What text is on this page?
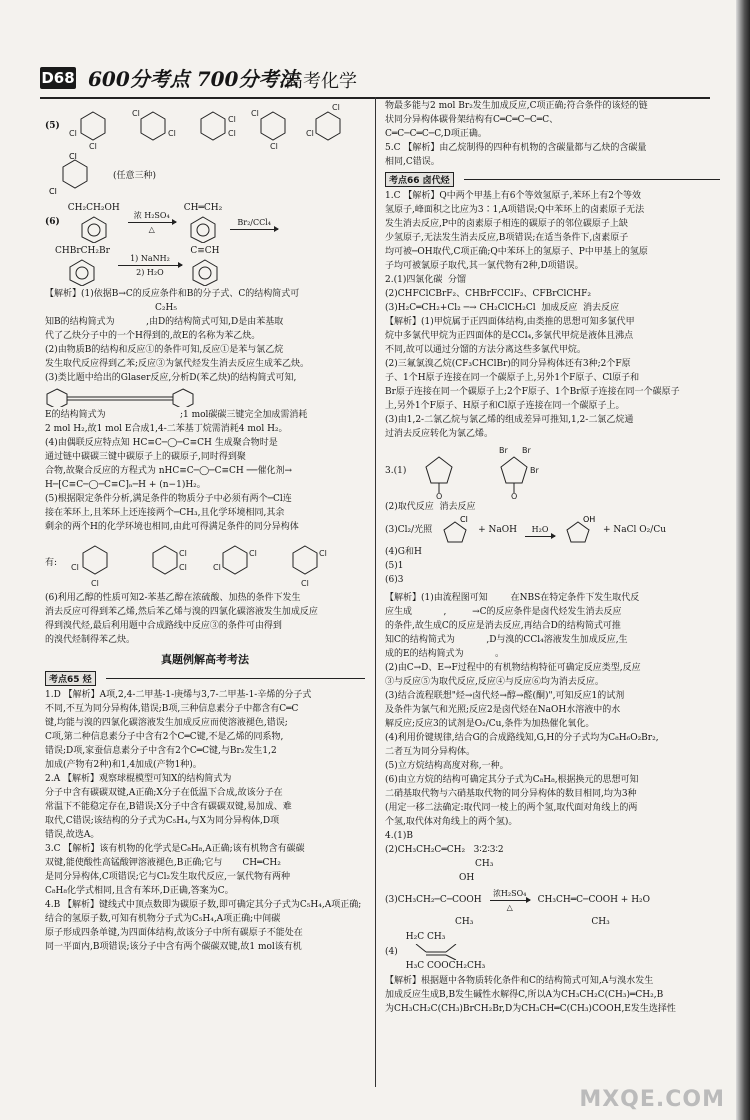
D68 600分考点 700分考法
高考化学
(5)
Cl
Cl
Cl
Cl
Cl
Cl
Cl
Cl
Cl
Cl
Cl
Cl
(任意三种)
(6)
CH₂CH₂OH
浓 H₂SO₄
△
CH═CH₂
Br₂/CCl₄
CHBrCH₂Br
1) NaNH₂
2) H₂O
C≡CH

【解析】(1)依据B→C的反应条件和B的分子式、C的结构简式可

C₂H₅

知B的结构简式为           ,由D的结构简式可知,D是由苯基取

代了乙炔分子中的一个H得到的,故E的名称为苯乙炔。

(2)由物质B的结构和反应①的条件可知,反应①是苯与氯乙烷

发生取代反应得到乙苯;反应③为氯代烃发生消去反应生成苯乙炔。

(3)类比题中给出的Glaser反应,分析D(苯乙炔)的结构简式可知,

E的结构简式为                          ;1 mol碳碳三键完全加成需消耗

2 mol H₂,故1 mol E合成1,4-二苯基丁烷需消耗4 mol H₂。

(4)由偶联反应特点知 HC≡C─◯─C≡CH 生成聚合物时是

通过链中碳碳三键中碳原子上的碳原子,同时得到聚

合物,故聚合反应的方程式为 nHC≡C─◯─C≡CH ──催化剂→

H─[C≡C─◯─C≡C]ₙ─H + (n−1)H₂。

(5)根据限定条件分析,满足条件的物质分子中必须有两个─Cl连

接在苯环上,且苯环上还连接两个─CH₃,且化学环境相同,其余

剩余的两个H的化学环境也相同,由此可得满足条件的同分异构体

有: Cl
Cl
Cl
Cl
Cl
Cl
Cl
Cl

(6)利用乙醇的性质可知2-苯基乙醇在浓硫酸、加热的条件下发生

消去反应可得到苯乙烯,然后苯乙烯与溴的四氯化碳溶液发生加成反应

得到溴代烃,最后利用题中合成路线中反应③的条件可由得到

的溴代烃制得苯乙炔。

真题例解高考考法
考点65 烃

1.D 【解析】A项,2,4-二甲基-1-庚烯与3,7-二甲基-1-辛烯的分子式

不同,不互为同分异构体,错误;B项,三种信息素分子中都含有C═C

键,均能与溴的四氯化碳溶液发生加成反应而使溶液褪色,错误;

C项,第二种信息素分子中含有2个C═C键,不是乙烯的同系物,

错误;D项,家蚕信息素分子中含有2个C═C键,与Br₂发生1,2

加成(产物有2种)和1,4加成(产物1种)。

2.A 【解析】观察球棍模型可知X的结构简式为

分子中含有碳碳双键,A正确;X分子在低温下合成,故该分子在

常温下不能稳定存在,B错误;X分子中含有碳碳双键,易加成、难

取代,C错误;该结构的分子式为C₅H₄,与X为同分异构体,D项

错误,故选A。

3.C 【解析】该有机物的化学式是C₈H₈,A正确;该有机物含有碳碳

双键,能使酸性高锰酸钾溶液褪色,B正确;它与       CH═CH₂

是同分异构体,C项错误;它与Cl₂发生取代反应,一氯代物有两种

C₈H₈化学式相同,且含有苯环,D正确,答案为C。

4.B 【解析】键线式中顶点数即为碳原子数,即可确定其分子式为C₅H₄,A项正确;

结合的氢原子数,可知有机物分子式为C₅H₄,A项正确;中间碳

原子形成四条单键,为四面体结构,故该分子中所有碳原子不能处在

同一平面内,B项错误;该分子中含有两个碳碳双键,故1 mol该有机

物最多能与2 mol Br₂发生加成反应,C项正确;符合条件的该烃的链

状同分异构体碳骨架结构有C═C═C─C═C、

C═C─C═C─C,D项正确。

5.C 【解析】由乙烷制得的四种有机物的含碳量都与乙炔的含碳量

相同,C错误。

考点66 卤代烃

1.C 【解析】Q中两个甲基上有6个等效氢原子,苯环上有2个等效

氢原子,峰面积之比应为3∶1,A项错误;Q中苯环上的卤素原子无法

发生消去反应,P中的卤素原子相连的碳原子的邻位碳原子上缺

少氢原子,无法发生消去反应,B项错误;在适当条件下,卤素原子

均可被─OH取代,C项正确;Q中苯环上的氢原子、P中甲基上的氢原

子均可被氯原子取代,其一氯代物有2种,D项错误。

2.(1)四氯化碳  分馏

(2)CHFClCBrF₂、CHBrFCClF₂、CFBrClCHF₂

(3)H₂C═CH₂+Cl₂ ─→ CH₂ClCH₂Cl  加成反应  消去反应

【解析】(1)甲烷属于正四面体结构,由类推的思想可知多氯代甲

烷中多氯代甲烷为正四面体的是CCl₄,多氯代甲烷是液体且沸点

不同,故可以通过分馏的方法分离这些多氯代甲烷。

(2)三氟氯溴乙烷(CF₃CHClBr)的同分异构体还有3种;2个F原

子、1个H原子连接在同一个碳原子上,另外1个F原子、Cl原子和

Br原子连接在同一个碳原子上;2个F原子、1个Br原子连接在同一个碳原子

上,另外1个F原子、H原子和Cl原子连接在同一个碳原子上。

(3)由1,2-二氯乙烷与氯乙烯的组成差异可推知,1,2-二氯乙烷通

过消去反应转化为氯乙烯。

3.(1)
O
Br Br
Br
O

(2)取代反应  消去反应

(3)Cl₂/光照
Cl
+ NaOH H₂O
OH
+ NaCl O₂/Cu

(4)G和H

(5)1

(6)3

【解析】(1)由流程图可知        在NBS在特定条件下发生取代反

应生成           ,         →C的反应条件是卤代烃发生消去反应

的条件,故生成C的反应是消去反应,再结合D的结构简式可推

知C的结构简式为           ,D与溴的CCl₄溶液发生加成反应,生

成的E的结构简式为           。

(2)由C→D、E→F过程中的有机物结构特征可确定反应类型,反应

③与反应⑤为取代反应,反应④与反应⑥均为消去反应。

(3)结合流程联想"烃→卤代烃→醇→醛(酮)",可知反应1的试剂

及条件为氯气和光照;反应2是卤代烃在NaOH水溶液中的水

解反应;反应3的试剂是O₂/Cu,条件为加热催化氧化。

(4)利用价键规律,结合G的合成路线知,G,H的分子式均为C₈H₆O₂Br₂,

二者互为同分异构体。

(5)立方烷结构高度对称,一种。

(6)由立方烷的结构可确定其分子式为C₈H₈,根据换元的思想可知

二硝基取代物与六硝基取代物的同分异构体的数目相同,均为3种

(用定一移二法确定:取代同一棱上的两个氢,取代面对角线上的两

个氢,取代体对角线上的两个氢)。

4.(1)B

(2)CH₃CH₂C═CH₂   3∶2∶3∶2

CH₃

OH

(3)CH₃CH₂─C─COOH
浓H₂SO₄
△
CH₃CH═C─COOH + H₂O
CH₃	CH₃
(4)
H₂C CH₃
H₃C COOCH₂CH₃

【解析】根据题中各物质转化条件和C的结构简式可知,A与溴水发生

加成反应生成B,B发生碱性水解得C,所以A为CH₃CH₂C(CH₃)═CH₂,B

为CH₃CH₂C(CH₃)BrCH₂Br,D为CH₃CH═C(CH₃)COOH,E发生选择性

MXQE.COM
